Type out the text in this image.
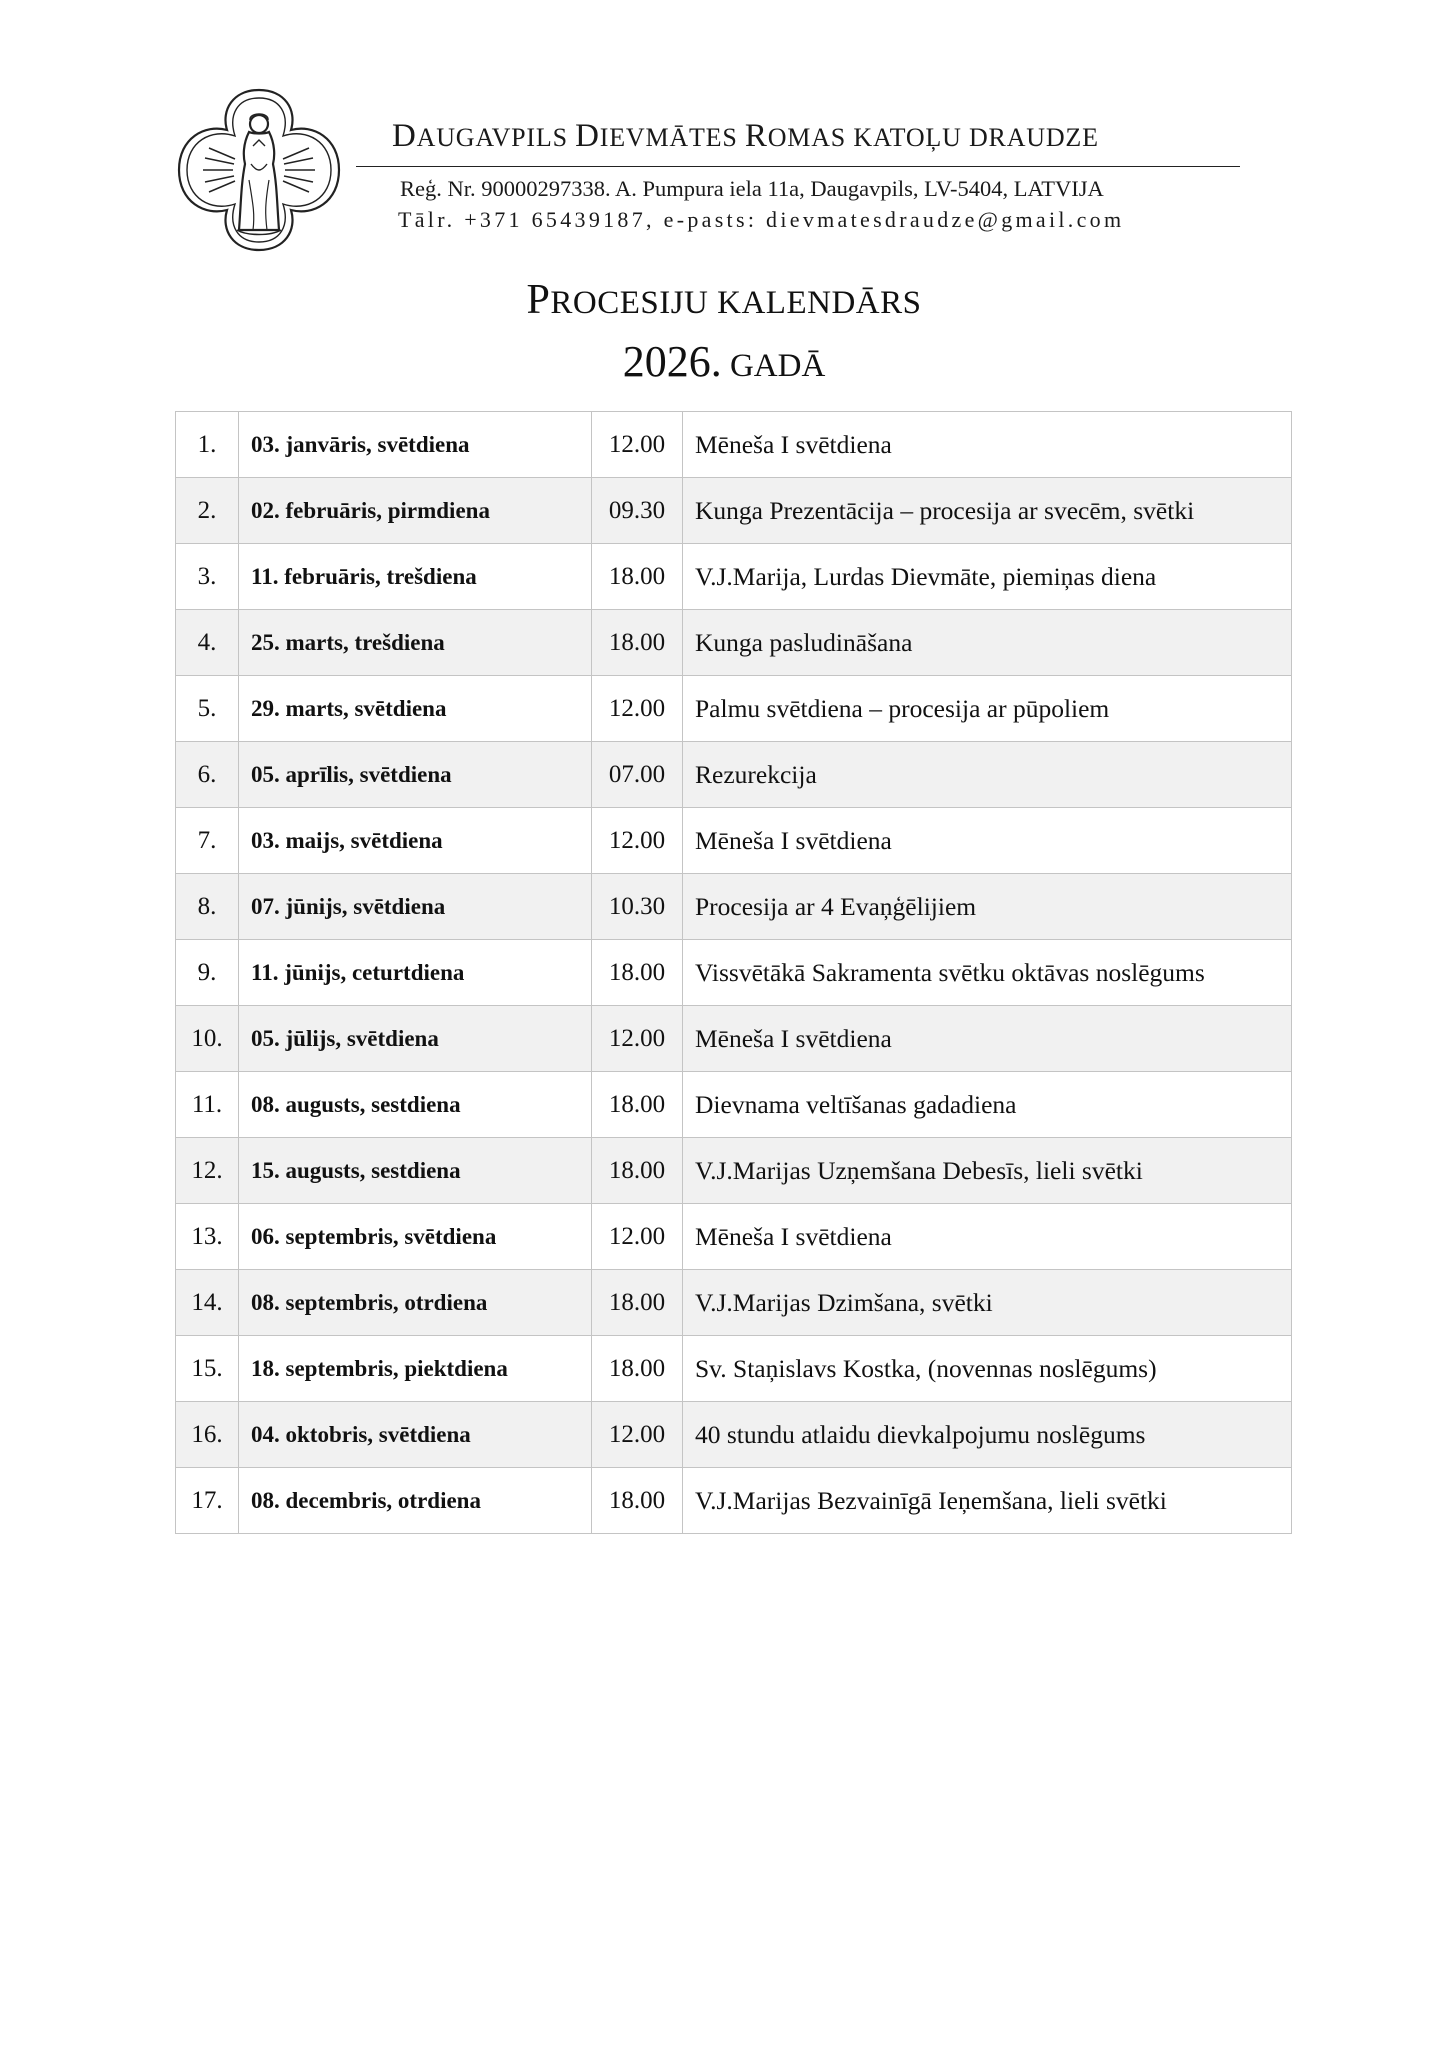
DAUGAVPILS DIEVMĀTES ROMAS KATOĻU DRAUDZE
Reģ. Nr. 90000297338. A. Pumpura iela 11a, Daugavpils, LV-5404, LATVIJA
Tālr. +371 65439187, e-pasts: dievmatesdraudze@gmail.com
PROCESIJU KALENDĀRS
2026. GADĀ
1.	03. janvāris, svētdiena	12.00	Mēneša I svētdiena
2.	02. februāris, pirmdiena	09.30	Kunga Prezentācija – procesija ar svecēm, svētki
3.	11. februāris, trešdiena	18.00	V.J.Marija, Lurdas Dievmāte, piemiņas diena
4.	25. marts, trešdiena	18.00	Kunga pasludināšana
5.	29. marts, svētdiena	12.00	Palmu svētdiena – procesija ar pūpoliem
6.	05. aprīlis, svētdiena	07.00	Rezurekcija
7.	03. maijs, svētdiena	12.00	Mēneša I svētdiena
8.	07. jūnijs, svētdiena	10.30	Procesija ar 4 Evaņģēlijiem
9.	11. jūnijs, ceturtdiena	18.00	Vissvētākā Sakramenta svētku oktāvas noslēgums
10.	05. jūlijs, svētdiena	12.00	Mēneša I svētdiena
11.	08. augusts, sestdiena	18.00	Dievnama veltīšanas gadadiena
12.	15. augusts, sestdiena	18.00	V.J.Marijas Uzņemšana Debesīs, lieli svētki
13.	06. septembris, svētdiena	12.00	Mēneša I svētdiena
14.	08. septembris, otrdiena	18.00	V.J.Marijas Dzimšana, svētki
15.	18. septembris, piektdiena	18.00	Sv. Staņislavs Kostka, (novennas noslēgums)
16.	04. oktobris, svētdiena	12.00	40 stundu atlaidu dievkalpojumu noslēgums
17.	08. decembris, otrdiena	18.00	V.J.Marijas Bezvainīgā Ieņemšana, lieli svētki
